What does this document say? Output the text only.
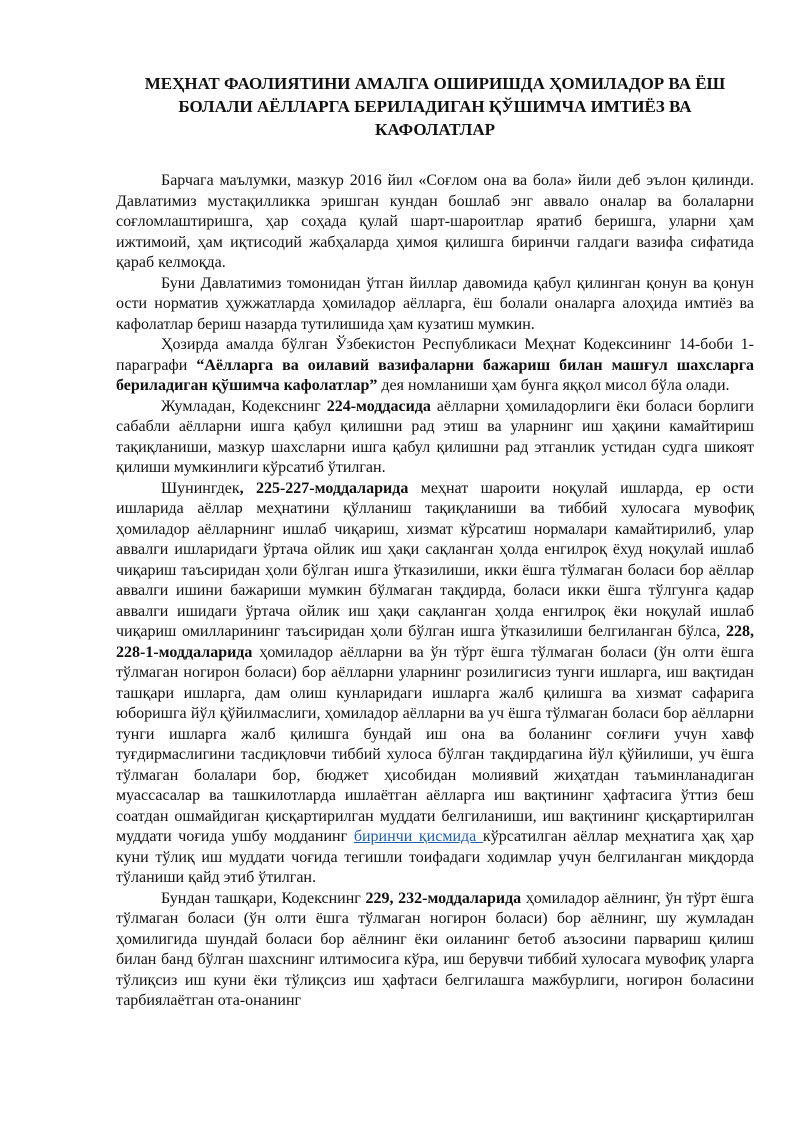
МЕҲНАТ ФАОЛИЯТИНИ АМАЛГА ОШИРИШДА ҲОМИЛАДОР ВА ЁШ
БОЛАЛИ АЁЛЛАРГА БЕРИЛАДИГАН ҚЎШИМЧА ИМТИЁЗ ВА
КАФОЛАТЛАР

Барчага маълумки, мазкур 2016 йил «Соғлом она ва бола» йили деб эълон қилинди. Давлатимиз мустақилликка эришган кундан бошлаб энг аввало оналар ва болаларни соғломлаштиришга, ҳар соҳада қулай шарт-шароитлар яратиб беришга, уларни ҳам ижтимоий, ҳам иқтисодий жабҳаларда ҳимоя қилишга биринчи галдаги вазифа сифатида қараб келмоқда.

Буни Давлатимиз томонидан ўтган йиллар давомида қабул қилинган қонун ва қонун ости норматив ҳужжатларда ҳомиладор аёлларга, ёш болали оналарга алоҳида имтиёз ва кафолатлар бериш назарда тутилишида ҳам кузатиш мумкин.

Ҳозирда амалда бўлган Ўзбекистон Республикаси Меҳнат Кодексининг 14-боби 1-параграфи “Аёлларга ва оилавий вазифаларни бажариш билан машғул шахсларга бериладиган қўшимча кафолатлар” дея номланиши ҳам бунга яққол мисол бўла олади.

Жумладан, Кодекснинг 224-моддасида аёлларни ҳомиладорлиги ёки боласи борлиги сабабли аёлларни ишга қабул қилишни рад этиш ва уларнинг иш ҳақини камайтириш тақиқланиши, мазкур шахсларни ишга қабул қилишни рад этганлик устидан судга шикоят қилиши мумкинлиги кўрсатиб ўтилган.

Шунингдек, 225-227-моддаларида меҳнат шароити ноқулай ишларда, ер ости ишларида аёллар меҳнатини қўлланиш тақиқланиши ва тиббий хулосага мувофиқ ҳомиладор аёлларнинг ишлаб чиқариш, хизмат кўрсатиш нормалари камайтирилиб, улар аввалги ишларидаги ўртача ойлик иш ҳақи сақланган ҳолда енгилроқ ёхуд ноқулай ишлаб чиқариш таъсиридан ҳоли бўлган ишга ўтказилиши, икки ёшга тўлмаган боласи бор аёллар аввалги ишини бажариши мумкин бўлмаган тақдирда, боласи икки ёшга тўлгунга қадар аввалги ишидаги ўртача ойлик иш ҳақи сақланган ҳолда енгилроқ ёки ноқулай ишлаб чиқариш омилларининг таъсиридан ҳоли бўлган ишга ўтказилиши белгиланган бўлса, 228, 228-1-моддаларида ҳомиладор аёлларни ва ўн тўрт ёшга тўлмаган боласи (ўн олти ёшга тўлмаган ногирон боласи) бор аёлларни уларнинг розилигисиз тунги ишларга, иш вақтидан ташқари ишларга, дам олиш кунларидаги ишларга жалб қилишга ва хизмат сафарига юборишга йўл қўйилмаслиги, ҳомиладор аёлларни ва уч ёшга тўлмаган боласи бор аёлларни тунги ишларга жалб қилишга бундай иш она ва боланинг соғлиғи учун хавф туғдирмаслигини тасдиқловчи тиббий хулоса бўлган тақдирдагина йўл қўйилиши, уч ёшга тўлмаган болалари бор, бюджет ҳисобидан молиявий жиҳатдан таъминланадиган муассасалар ва ташкилотларда ишлаётган аёлларга иш вақтининг ҳафтасига ўттиз беш соатдан ошмайдиган қисқартирилган муддати белгиланиши, иш вақтининг қисқартирилган муддати чоғида ушбу модданинг биринчи қисмида кўрсатилган аёллар меҳнатига ҳақ ҳар куни тўлиқ иш муддати чоғида тегишли тоифадаги ходимлар учун белгиланган миқдорда тўланиши қайд этиб ўтилган.

Бундан ташқари, Кодекснинг 229, 232-моддаларида ҳомиладор аёлнинг, ўн тўрт ёшга тўлмаган боласи (ўн олти ёшга тўлмаган ногирон боласи) бор аёлнинг, шу жумладан ҳомилигида шундай боласи бор аёлнинг ёки оиланинг бетоб аъзосини парвариш қилиш билан банд бўлган шахснинг илтимосига кўра, иш берувчи тиббий хулосага мувофиқ уларга тўлиқсиз иш куни ёки тўлиқсиз иш ҳафтаси белгилашга мажбурлиги, ногирон боласини тарбиялаётган ота-онанинг
